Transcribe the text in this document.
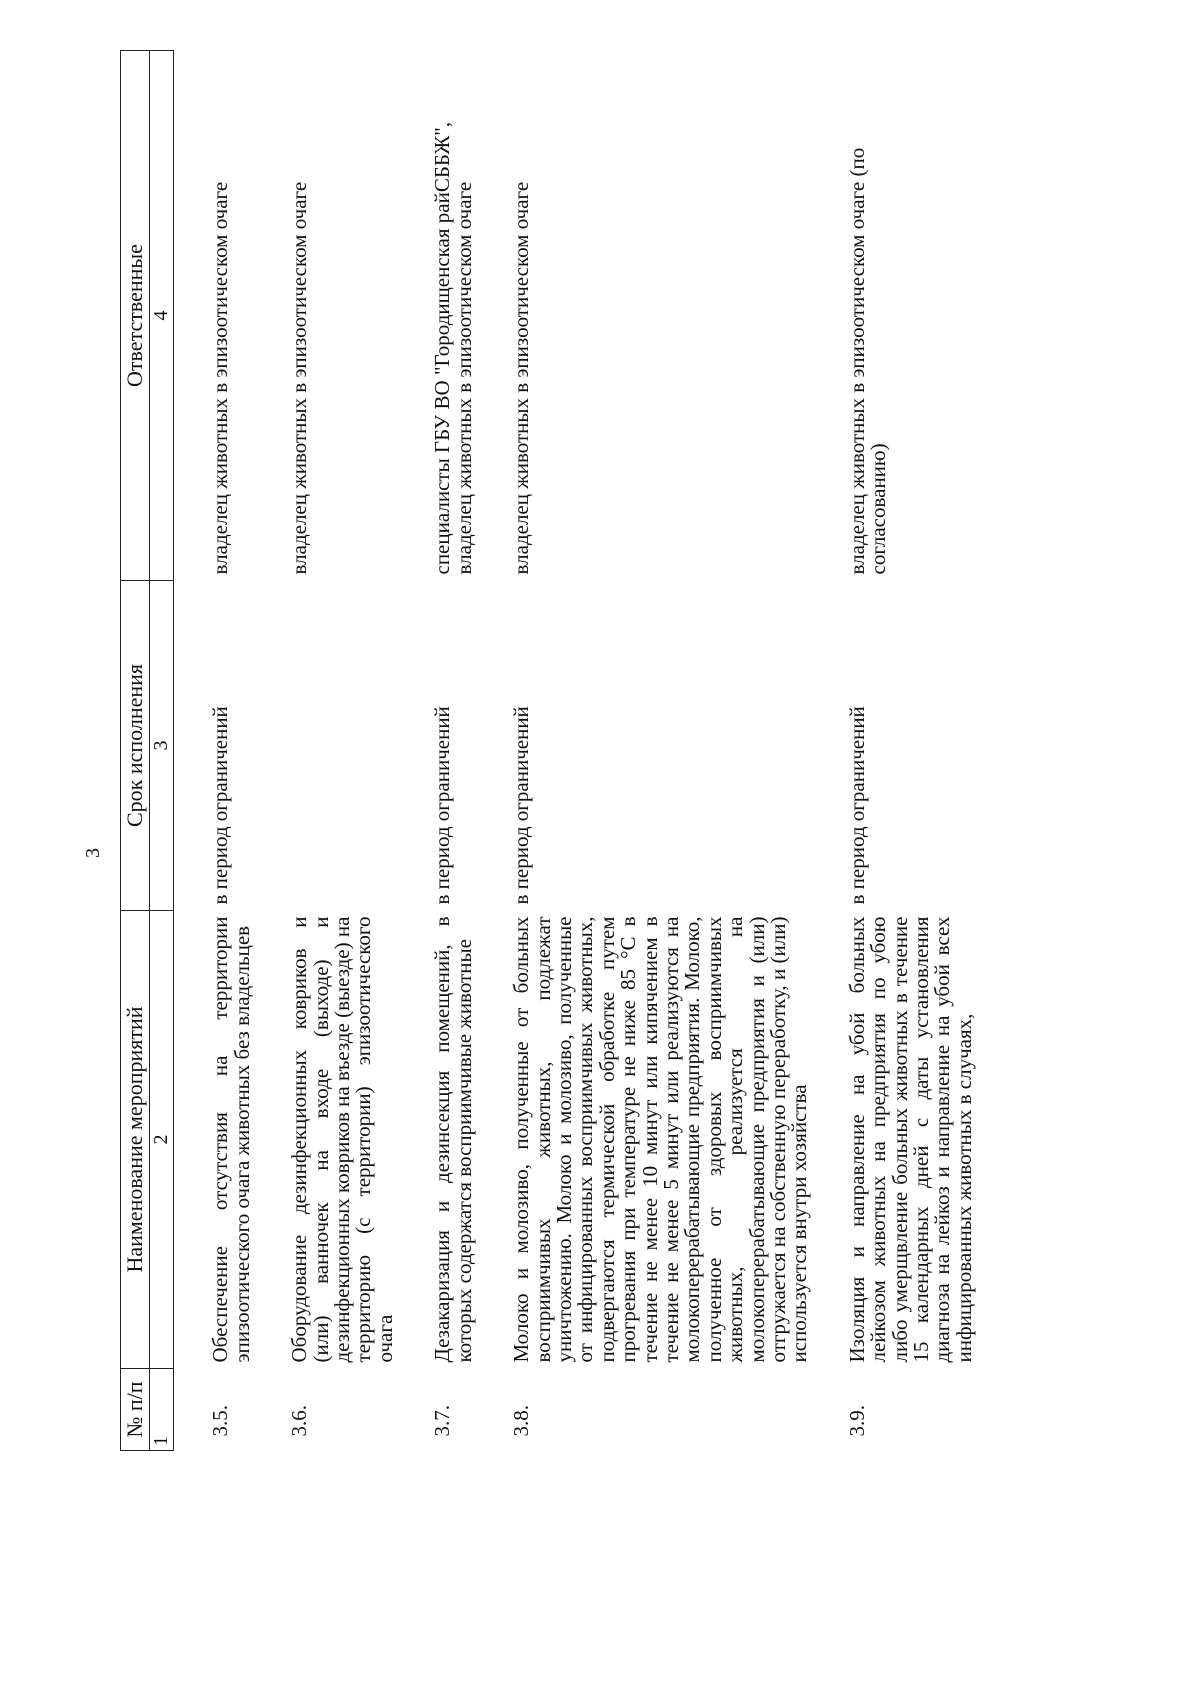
3
№ п/п	Наименование мероприятий	Срок исполнения	Ответственные
1	2	3	4
3.5.	Обеспечение отсутствия на территории эпизоотического очага животных без владельцев	в период ограничений	владелец животных в эпизоотическом очаге
3.6.	Оборудование дезинфекционных ковриков и (или) ванночек на входе (выходе) и дезинфекционных ковриков на въезде (выезде) на территорию (с территории) эпизоотического очага		владелец животных в эпизоотическом очаге
3.7.	Дезакаризация и дезинсекция помещений, в которых содержатся восприимчивые животные	в период ограничений	специалисты ГБУ ВО "Городищенская райСББЖ", владелец животных в эпизоотическом очаге
3.8.	Молоко и молозиво, полученные от больных восприимчивых животных, подлежат уничтожению. Молоко и молозиво, полученные от инфицированных восприимчивых животных, подвергаются термической обработке путем прогревания при температуре не ниже 85 °С в течение не менее 10 минут или кипячением в течение не менее 5 минут или реализуются на молокоперерабатывающие предприятия. Молоко, полученное от здоровых восприимчивых животных, реализуется на молокоперерабатывающие предприятия и (или) отгружается на собственную переработку, и (или) используется внутри хозяйства	в период ограничений	владелец животных в эпизоотическом очаге
3.9.	Изоляция и направление на убой больных лейкозом животных на предприятия по убою либо умерщвление больных животных в течение 15 календарных дней с даты установления диагноза на лейкоз и направление на убой всех инфицированных животных в случаях,	в период ограничений	владелец животных в эпизоотическом очаге (по согласованию)
